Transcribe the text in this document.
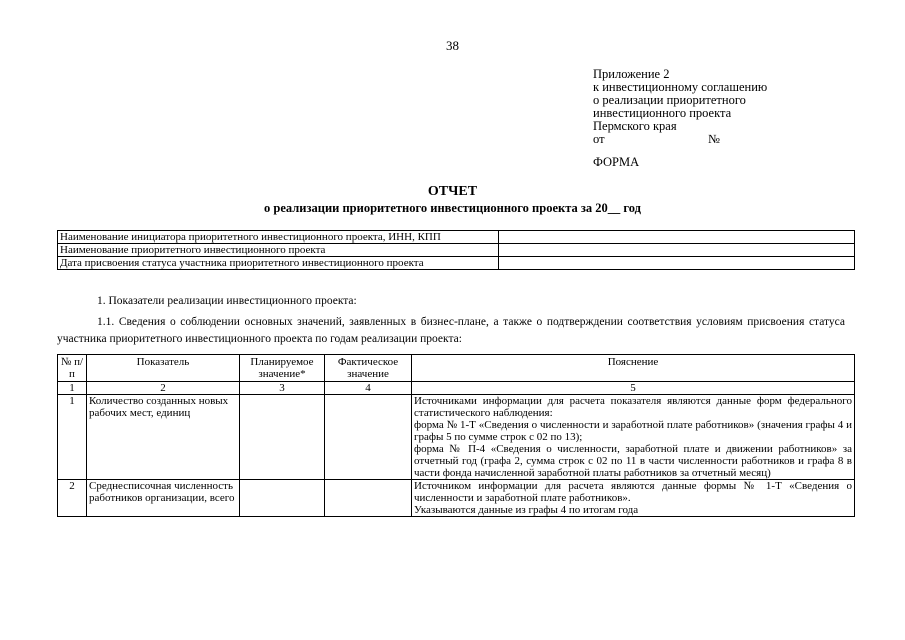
38
Приложение 2
к инвестиционному соглашению
о реализации приоритетного
инвестиционного проекта
Пермского края
от	№
ФОРМА
ОТЧЕТ
о реализации приоритетного инвестиционного проекта за 20__ год
Наименование инициатора приоритетного инвестиционного проекта, ИНН, КПП	
Наименование приоритетного инвестиционного проекта	
Дата присвоения статуса участника приоритетного инвестиционного проекта	
1. Показатели реализации инвестиционного проекта:
1.1. Сведения о соблюдении основных значений, заявленных в бизнес-плане, а также о подтверждении соответствия условиям присвоения статуса участника приоритетного инвестиционного проекта по годам реализации проекта:
№ п/п	Показатель	Планируемое значение*	Фактическое значение	Пояснение
1	2	3	4	5
1	Количество созданных новых рабочих мест, единиц			Источниками информации для расчета показателя являются данные форм федерального статистического наблюдения:
форма № 1-Т «Сведения о численности и заработной плате работников» (значения графы 4 и графы 5 по сумме строк с 02 по 13);
форма № П-4 «Сведения о численности, заработной плате и движении работников» за отчетный год (графа 2, сумма строк с 02 по 11 в части численности работников и графа 8 в части фонда начисленной заработной платы работников за отчетный месяц)

2	Среднесписочная численность работников организации, всего			Источником информации для расчета являются данные формы № 1-Т «Сведения о численности и заработной плате работников».
Указываются данные из графы 4 по итогам года
